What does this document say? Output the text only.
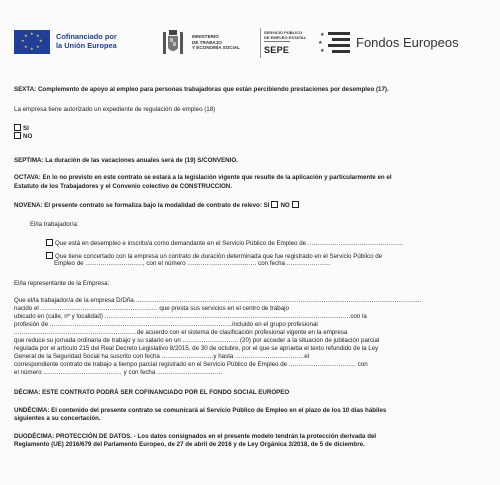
★ ★
★
★
★
★
★
★	Cofinanciado por
la Unión Europea
MINISTERIO
DE TRABAJO
Y ECONOMÍA SOCIAL
SERVICIO PÚBLICO DE EMPLEO ESTATAL
SEPE
★
★
★
Fondos Europeos
SEXTA: Complemento de apoyo al empleo para personas trabajadoras que están percibiendo prestaciones por desempleo (17).
La empresa tiene autorizado un expediente de regulación de empleo (18)
SI
NO
SEPTIMA: La duración de las vacaciones anuales será de (19) S/CONVENIO.
OCTAVA: En lo no previsto en este contrato se estará a la legislación vigente que resulte de la aplicación y particularmente en el
Estatuto de los Trabajadores y el Convenio colectivo de CONSTRUCCION.
NOVENA: El presente contrato se formaliza bajo la modalidad de contrato de relevo: SI NO
El/la trabajador/a:
Que está en desempleo e inscrito/a como demandante en el Servicio Público de Empleo de ..................................................
Que tiene concertado con la empresa un contrato de duración determinada que fue registrado en el Servicio Público de
Empleo de .............................., con el número .................................... con fecha .......................
El/la representante de la Empresa:
Que el/la trabajador/a de la empresa D/Dña......................................................................................................................................................
nacido el ............................................................. que presta sus servicios en el centro de trabajo
ubicado en (calle, nº y localidad) ................................................................................................................................con la
profesión de ...............................................................................................incluido en el grupo profesional
................................................................de acuerdo con el sistema de clasificación profesional vigente en la empresa
que reduce su jornada ordinaria de trabajo y su salario en un ............................. (20) por acceder a la situación de jubilación parcial
regulada por el artículo 215 del Real Decreto Legislativo 8/2015, de 30 de octubre, por el que se aprueba el texto refundido de la Ley
General de la Seguridad Social ha suscrito con fecha ...........................y hasta ....................................el
correspondiente contrato de trabajo a tiempo parcial registrado en el Servicio Público de Empleo de ................................... con
el número ......................................... y con fecha ..................................
DÉCIMA: ESTE CONTRATO PODRÁ SER COFINANCIADO POR EL FONDO SOCIAL EUROPEO
UNDÉCIMA: El contenido del presente contrato se comunicará al Servicio Público de Empleo en el plazo de los 10 días hábiles
siguientes a su concertación.
DUODÉCIMA: PROTECCIÓN DE DATOS. - Los datos consignados en el presente modelo tendrán la protección derivada del
Reglamento (UE) 2016/679 del Parlamento Europeo, de 27 de abril de 2016 y de Ley Orgánica 3/2018, de 5 de diciembre.
